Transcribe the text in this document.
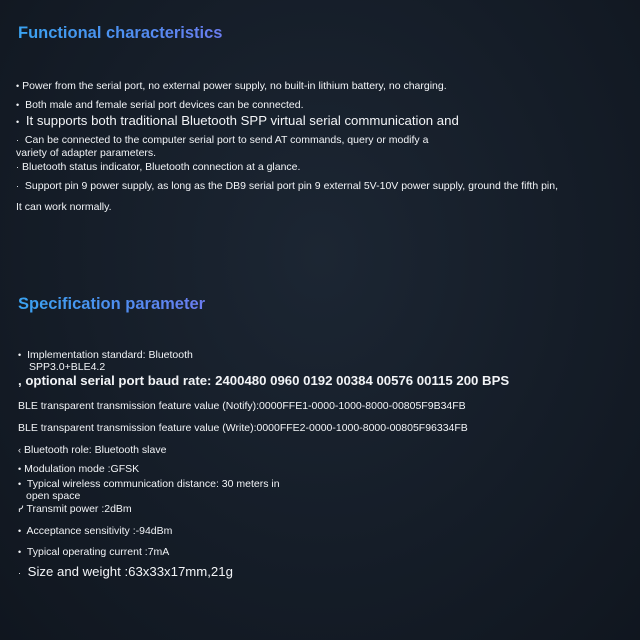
Functional characteristics
• Power from the serial port, no external power supply, no built-in lithium battery, no charging.
• Both male and female serial port devices can be connected.
• It supports both traditional Bluetooth SPP virtual serial communication and
· Can be connected to the computer serial port to send AT commands, query or modify a
variety of adapter parameters.
· Bluetooth status indicator, Bluetooth connection at a glance.
· Support pin 9 power supply, as long as the DB9 serial port pin 9 external 5V-10V power supply, ground the fifth pin,
It can work normally.
Specification parameter
• Implementation standard: Bluetooth
SPP3.0+BLE4.2
, optional serial port baud rate: 2400480 0960 0192 00384 00576 00115 200 BPS
BLE transparent transmission feature value (Notify):0000FFE1-0000-1000-8000-00805F9B34FB
BLE transparent transmission feature value (Write):0000FFE2-0000-1000-8000-00805F96334FB
‹ Bluetooth role: Bluetooth slave
• Modulation mode :GFSK
• Typical wireless communication distance: 30 meters in
open space
ᓯ Transmit power :2dBm
• Acceptance sensitivity :-94dBm
• Typical operating current :7mA
· Size and weight :63x33x17mm,21g
